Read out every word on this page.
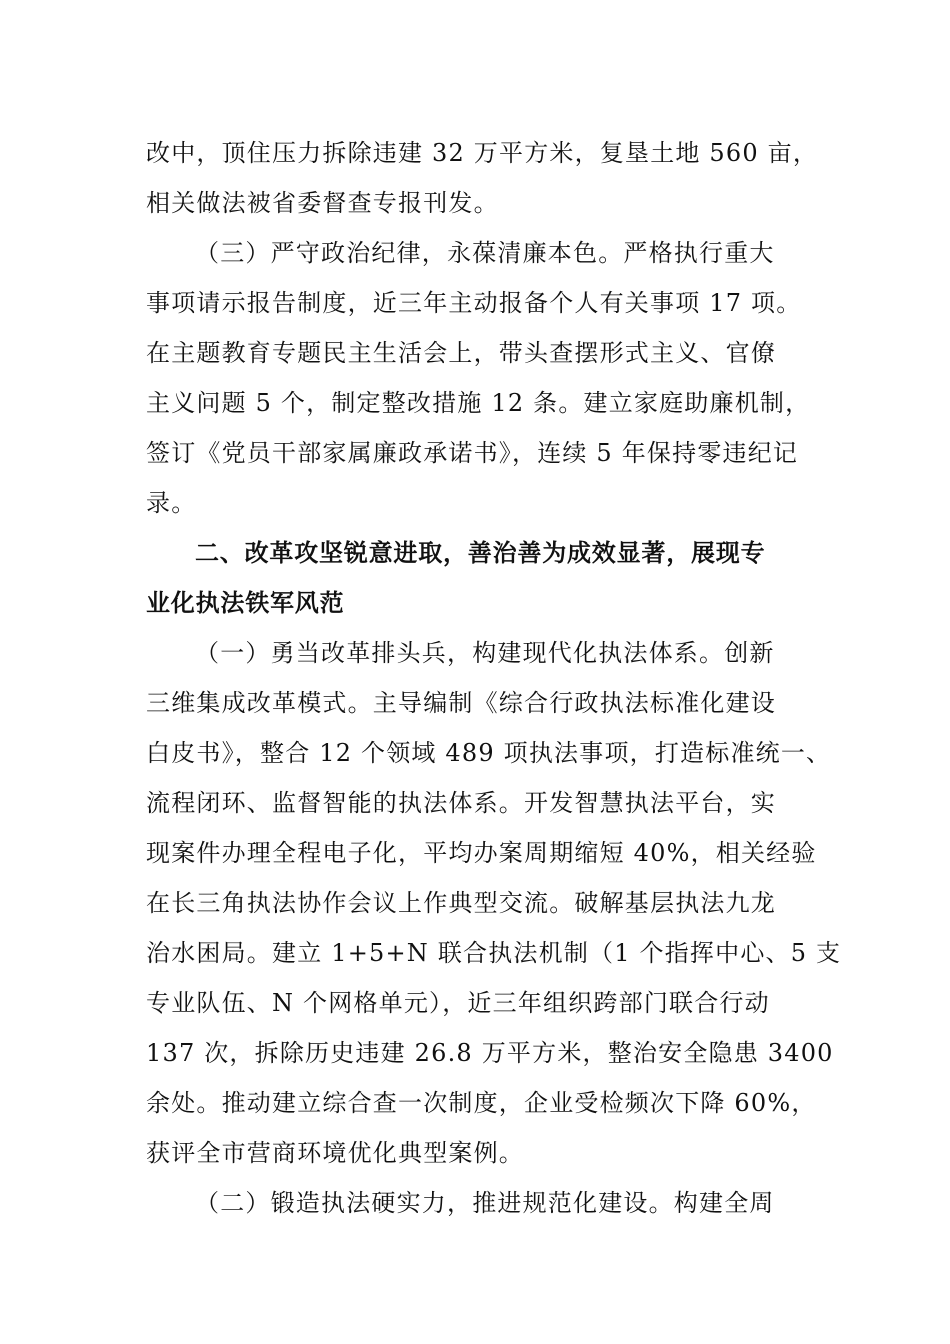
改中，顶住压力拆除违建 32 万平方米，复垦土地 560 亩，
相关做法被省委督查专报刊发。
（三）严守政治纪律，永葆清廉本色。严格执行重大
事项请示报告制度，近三年主动报备个人有关事项 17 项。
在主题教育专题民主生活会上，带头查摆形式主义、官僚
主义问题 5 个，制定整改措施 12 条。建立家庭助廉机制，
签订《党员干部家属廉政承诺书》，连续 5 年保持零违纪记
录。
二、改革攻坚锐意进取，善治善为成效显著，展现专
业化执法铁军风范
（一）勇当改革排头兵，构建现代化执法体系。创新
三维集成改革模式。主导编制《综合行政执法标准化建设
白皮书》，整合 12 个领域 489 项执法事项，打造标准统一、
流程闭环、监督智能的执法体系。开发智慧执法平台，实
现案件办理全程电子化，平均办案周期缩短 40%，相关经验
在长三角执法协作会议上作典型交流。破解基层执法九龙
治水困局。建立 1+5+N 联合执法机制（1 个指挥中心、5 支
专业队伍、N 个网格单元），近三年组织跨部门联合行动
137 次，拆除历史违建 26.8 万平方米，整治安全隐患 3400
余处。推动建立综合查一次制度，企业受检频次下降 60%，
获评全市营商环境优化典型案例。
（二）锻造执法硬实力，推进规范化建设。构建全周
